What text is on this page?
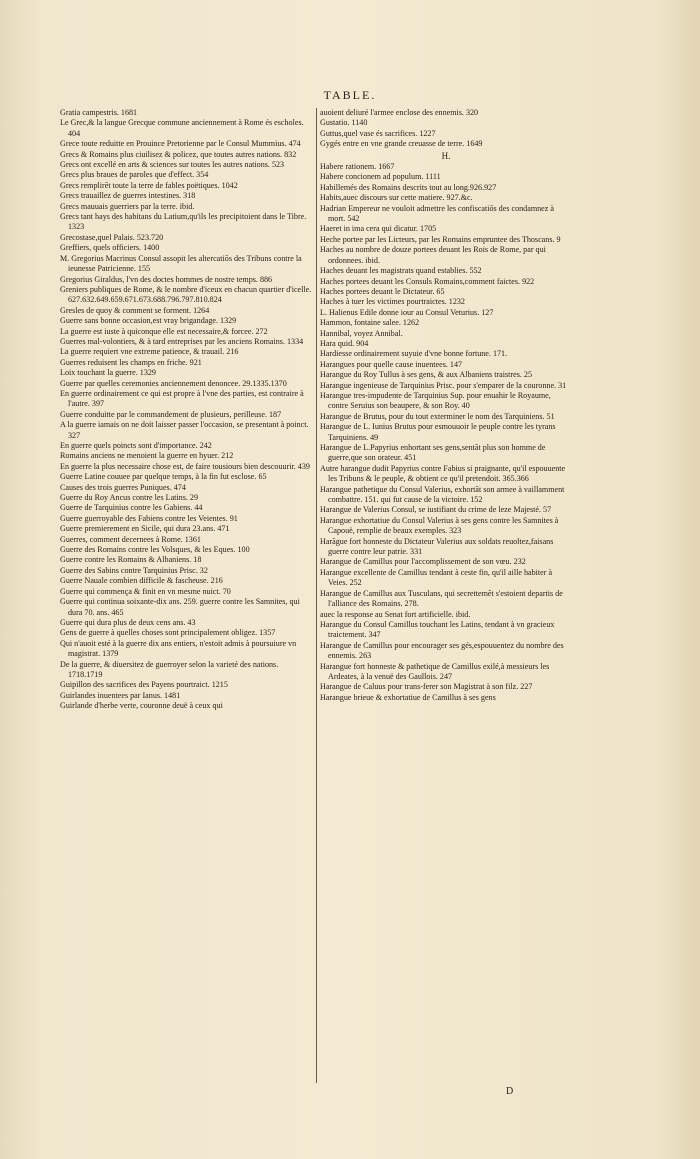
TABLE.

Gratia campestris. 1681

Le Grec,& la langue Grecque commune anciennement à Rome és escholes. 404

Grece toute reduitte en Prouince Pretorienne par le Consul Mummius. 474

Grecs & Romains plus ciuilisez & policez, que toutes autres nations. 832

Grecs ont excellé en arts & sciences sur toutes les autres nations. 523

Grecs plus braues de paroles que d'effect. 354

Grecs remplirēt toute la terre de fables poëtiques. 1042

Grecs trauaillez de guerres intestines. 318

Grecs mauuais guerriers par la terre. ibid.

Grecs tant hays des habitans du Latium,qu'ils les precipitoient dans le Tibre. 1323

Grecostase,quel Palais. 523.720

Greffiers, quels officiers. 1400

M. Gregorius Macrinus Consul assopit les altercatiōs des Tribuns contre la ieunesse Patricienne. 155

Gregorius Giraldus, l'vn des doctes hommes de nostre temps. 886

Greniers publiques de Rome, & le nombre d'iceux en chacun quartier d'icelle. 627.632.649.659.671.673.688.796.797.810.824

Gresles de quoy & comment se forment. 1264

Guerre sans bonne occasion,est vray brigandage. 1329

La guerre est iuste à quiconque elle est necessaire,& forcee. 272

Guerres mal-volontiers, & à tard entreprises par les anciens Romains. 1334

La guerre requiert vne extreme patience, & trauail. 216

Guerres reduisent les champs en friche. 921

Loix touchant la guerre. 1329

Guerre par quelles ceremonies anciennement denoncee. 29.1335.1370

En guerre ordinairement ce qui est propre à l'vne des parties, est contraire à l'autre. 397

Guerre conduitte par le commandement de plusieurs, perilleuse. 187

A la guerre iamais on ne doit laisser passer l'occasion, se presentant à poinct. 327

En guerre quels poincts sont d'importance. 242

Romains anciens ne menoient la guerre en hyuer. 212

En guerre la plus necessaire chose est, de faire tousiours bien descouurir. 439

Guerre Latine couuee par quelque temps, à la fin fut esclose. 65

Causes des trois guerres Puniques. 474

Guerre du Roy Ancus contre les Latins. 29

Guerre de Tarquinius contre les Gabiens. 44

Guerre guerroyable des Fabiens contre les Veientes. 91

Guerre premierement en Sicile, qui dura 23.ans. 471

Guerres, comment decernees à Rome. 1361

Guerre des Romains contre les Volsques, & les Eques. 100

Guerre contre les Romains & Albaniens. 18

Guerre des Sabins contre Tarquinius Prisc. 32

Guerre Nauale combien difficile & fascheuse. 216

Guerre qui commença & finit en vn mesme nuict. 70

Guerre qui continua soixante-dix ans. 259. guerre contre les Samnites, qui dura 70. ans. 465

Guerre qui dura plus de deux cens ans. 43

Gens de guerre à quelles choses sont principalement obligez. 1357

Qui n'auoit esté à la guerre dix ans entiers, n'estoit admis à poursuiure vn magistrat. 1379

De la guerre, & diuersitez de guerroyer selon la varieté des nations. 1718.1719

Guipillon des sacrifices des Payens pourtraict. 1215

Guirlandes inuentees par Ianus. 1481

Guirlande d'herbe verte, couronne deuë à ceux qui

auoient deliuré l'armee enclose des ennemis. 320

Gustatio. 1140

Guttus,quel vase és sacrifices. 1227

Gygés entre en vne grande creuasse de terre. 1649

H.

Habere rationem. 1667

Habere concionem ad populum. 1111

Habillemés des Romains descrits tout au long.926.927

Habits,auec discours sur cette matiere. 927.&c.

Hadrian Empereur ne vouloit admettre les confiscatiōs des condamnez à mort. 542

Haeret in ima cera qui dicatur. 1705

Heche portee par les Licteurs, par les Romains empruntee des Thoscans. 9

Haches au nombre de douze portees deuant les Rois de Rome, par qui ordonnees. ibid.

Haches deuant les magistrats quand establies. 552

Haches portees deuant les Consuls Romains,comment faictes. 922

Haches portees deuant le Dictateur. 65

Haches à tuer les victimes pourtraictes. 1232

L. Halienus Edile donne iour au Consul Veturius. 127

Hammon, fontaine salee. 1262

Hannibal, voyez Annibal.

Hara quid. 904

Hardiesse ordinairement suyuie d'vne bonne fortune. 171.

Harangues pour quelle cause inuentees. 147

Harangue du Roy Tullus à ses gens, & aux Albaniens traistres. 25

Harangue ingenieuse de Tarquinius Prisc. pour s'emparer de la couronne. 31

Harangue tres-impudente de Tarquinius Sup. pour enuahir le Royaume, contre Seruius son beaupere, & son Roy. 40

Harangue de Brutus, pour du tout exterminer le nom des Tarquiniens. 51

Harangue de L. Iunius Brutus pour esmouuoir le peuple contre les tyrans Tarquiniens. 49

Harangue de L.Papyrius enhortant ses gens,sentāt plus son homme de guerre,que son orateur. 451

Autre harangue dudit Papyrius contre Fabius si praignante, qu'il espouuente les Tribuns & le peuple, & obtient ce qu'il pretendoit. 365.366

Harangue pathetique du Consul Valerius, exhortāt son armee à vaillamment combattre. 151. qui fut cause de la victoire. 152

Harangue de Valerius Consul, se iustifiant du crime de leze Majesté. 57

Harangue exhortatiue du Consul Valerius à ses gens contre les Samnites à Capouë, remplie de beaux exemples. 323

Harāgue fort honneste du Dictateur Valerius aux soldats reuoltez,faisans guerre contre leur patrie. 331

Harangue de Camillus pour l'accomplissement de son vœu. 232

Harangue excellente de Camillus tendant à ceste fin, qu'il aille habiter à Veies. 252

Harangue de Camillus aux Tusculans, qui secrettemēt s'estoient departis de l'alliance des Romains. 278.

auec la response au Senat fort artificielle. ibid.

Harangue du Consul Camillus touchant les Latins, tendant à vn gracieux traictement. 347

Harangue de Camillus pour encourager ses gés,espouuentez du nombre des ennemis. 263

Harangue fort honneste & pathetique de Camillus exilé,à messieurs les Ardeates, à la venuë des Gaullois. 247

Harangue de Caluus pour trans-ferer son Magistrat à son filz. 227

Harangue brieue & exhortatiue de Camillus à ses gens

D
